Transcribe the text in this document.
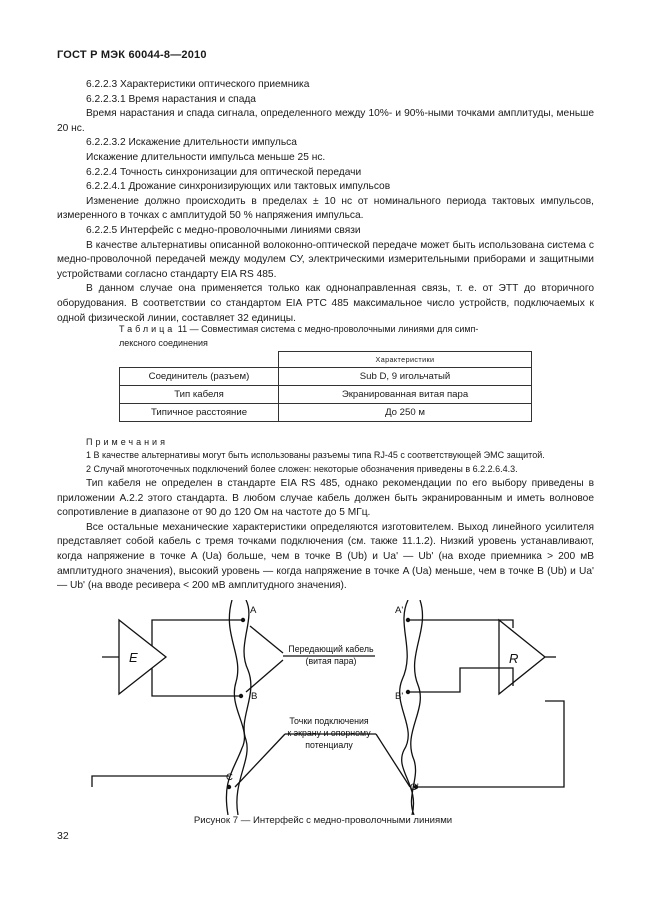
ГОСТ Р МЭК 60044-8—2010

6.2.2.3 Характеристики оптического приемника

6.2.2.3.1 Время нарастания и спада

Время нарастания и спада сигнала, определенного между 10%- и 90%-ными точками амплитуды, меньше 20 нс.

6.2.2.3.2 Искажение длительности импульса

Искажение длительности импульса меньше 25 нс.

6.2.2.4 Точность синхронизации для оптической передачи

6.2.2.4.1 Дрожание синхронизирующих или тактовых импульсов

Изменение должно происходить в пределах ± 10 нс от номинального периода тактовых импульсов, измеренного в точках с амплитудой 50 % напряжения импульса.

6.2.2.5 Интерфейс с медно-проволочными линиями связи

В качестве альтернативы описанной волоконно-оптической передаче может быть использована система с медно-проволочной передачей между модулем СУ, электрическими измерительными приборами и защитными устройствами согласно стандарту EIA RS 485.

В данном случае она применяется только как однонаправленная связь, т. е. от ЭТТ до вторичного оборудования. В соответствии со стандартом EIA PTC 485 максимальное число устройств, подключаемых к одной физической линии, составляет 32 единицы.

Таблица 11 — Совместимая система с медно-проволочными линиями для симп-
лексного соединения
	Характеристики
Соединитель (разъем)	Sub D, 9 игольчатый
Тип кабеля	Экранированная витая пара
Типичное расстояние	До 250 м
Примечания
1 В качестве альтернативы могут быть использованы разъемы типа RJ-45 с соответствующей ЭМС защитой.
2 Случай многоточечных подключений более сложен: некоторые обозначения приведены в 6.2.2.6.4.3.

Тип кабеля не определен в стандарте EIA RS 485, однако рекомендации по его выбору приведены в приложении А.2.2 этого стандарта. В любом случае кабель должен быть экранированным и иметь волновое сопротивление в диапазоне от 90 до 120 Ом на частоте до 5 МГц.

Все остальные механические характеристики определяются изготовителем. Выход линейного усилителя представляет собой кабель с тремя точками подключения (см. также 11.1.2). Низкий уровень устанавливают, когда напряжение в точке A (Ua) больше, чем в точке B (Ub) и Ua' — Ub' (на входе приемника > 200 мВ амплитудного значения), высокий уровень — когда напряжение в точке A (Ua) меньше, чем в точке B (Ub) и Ua' — Ub' (на вводе ресивера < 200 мВ амплитудного значения).

E	R
A
B
C
A'
B'
C'
Передающий кабель
(витая пара)
Точки подключения
к экрану и опорному
потенциалу
Рисунок 7 — Интерфейс с медно-проволочными линиями
32
